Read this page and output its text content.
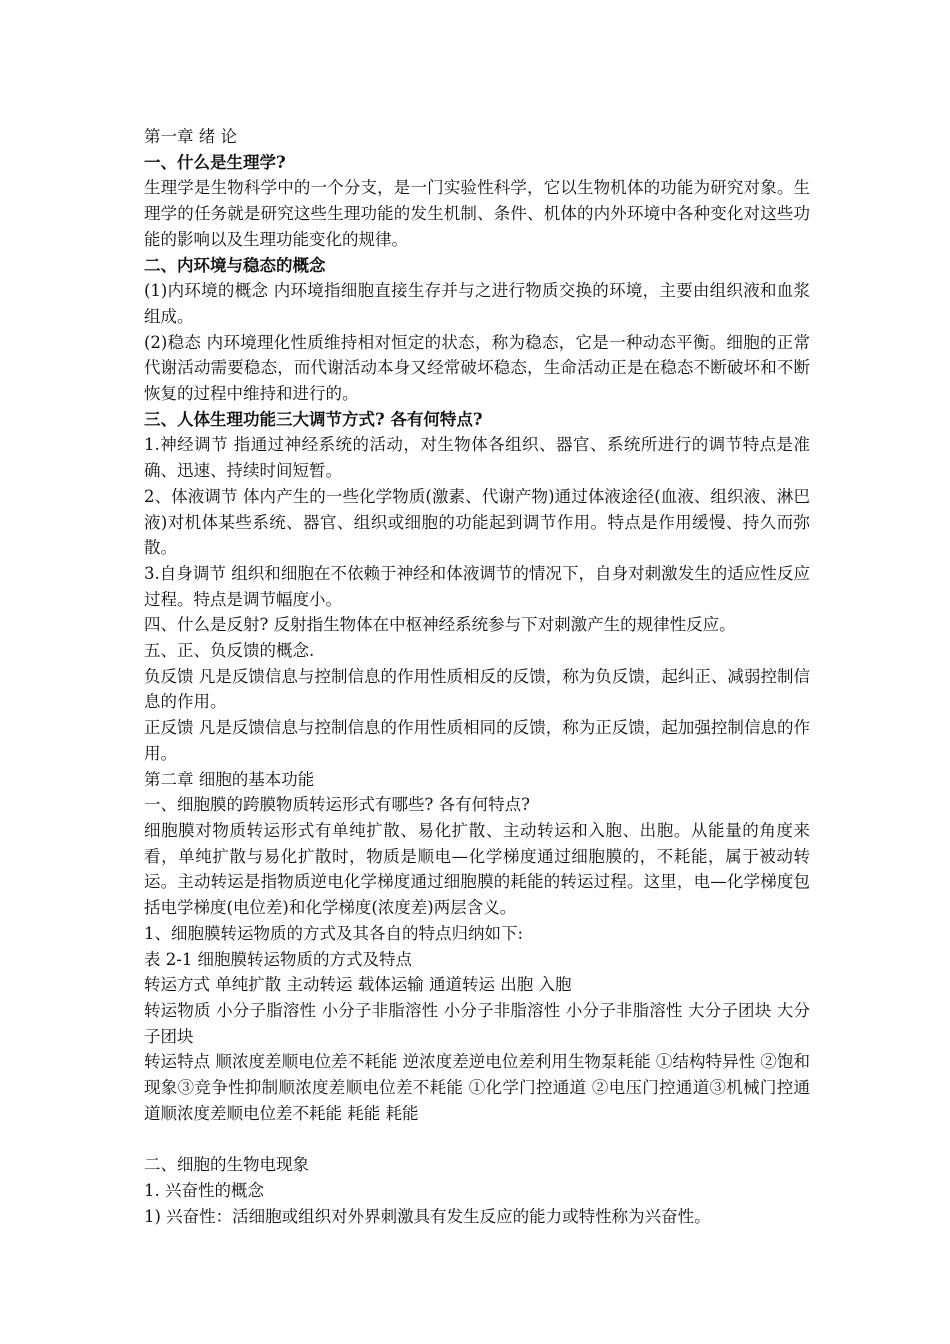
第一章 绪 论

一、什么是生理学?

生理学是生物科学中的一个分支，是一门实验性科学，它以生物机体的功能为研究对象。生理学的任务就是研究这些生理功能的发生机制、条件、机体的内外环境中各种变化对这些功能的影响以及生理功能变化的规律。

二、内环境与稳态的概念

(1)内环境的概念 内环境指细胞直接生存并与之进行物质交换的环境，主要由组织液和血浆组成。

(2)稳态 内环境理化性质维持相对恒定的状态，称为稳态，它是一种动态平衡。细胞的正常代谢活动需要稳态，而代谢活动本身又经常破坏稳态，生命活动正是在稳态不断破坏和不断恢复的过程中维持和进行的。

三、人体生理功能三大调节方式? 各有何特点?

1.神经调节 指通过神经系统的活动，对生物体各组织、器官、系统所进行的调节特点是准确、迅速、持续时间短暂。

2、体液调节 体内产生的一些化学物质(激素、代谢产物)通过体液途径(血液、组织液、淋巴液)对机体某些系统、器官、组织或细胞的功能起到调节作用。特点是作用缓慢、持久而弥散。

3.自身调节 组织和细胞在不依赖于神经和体液调节的情况下，自身对刺激发生的适应性反应过程。特点是调节幅度小。

四、什么是反射? 反射指生物体在中枢神经系统参与下对刺激产生的规律性反应。

五、正、负反馈的概念.

负反馈 凡是反馈信息与控制信息的作用性质相反的反馈，称为负反馈，起纠正、减弱控制信息的作用。

正反馈 凡是反馈信息与控制信息的作用性质相同的反馈，称为正反馈，起加强控制信息的作用。

第二章 细胞的基本功能

一、细胞膜的跨膜物质转运形式有哪些? 各有何特点?

细胞膜对物质转运形式有单纯扩散、易化扩散、主动转运和入胞、出胞。从能量的角度来看，单纯扩散与易化扩散时，物质是顺电—化学梯度通过细胞膜的，不耗能，属于被动转运。主动转运是指物质逆电化学梯度通过细胞膜的耗能的转运过程。这里，电—化学梯度包括电学梯度(电位差)和化学梯度(浓度差)两层含义。

1、细胞膜转运物质的方式及其各自的特点归纳如下:

表 2-1 细胞膜转运物质的方式及特点

转运方式 单纯扩散 主动转运 载体运输 通道转运 出胞 入胞

转运物质 小分子脂溶性 小分子非脂溶性 小分子非脂溶性 小分子非脂溶性 大分子团块 大分子团块

转运特点 顺浓度差顺电位差不耗能 逆浓度差逆电位差利用生物泵耗能 ①结构特异性 ②饱和现象③竞争性抑制顺浓度差顺电位差不耗能 ①化学门控通道 ②电压门控通道③机械门控通道顺浓度差顺电位差不耗能 耗能 耗能

二、细胞的生物电现象

1. 兴奋性的概念

1) 兴奋性：活细胞或组织对外界刺激具有发生反应的能力或特性称为兴奋性。
